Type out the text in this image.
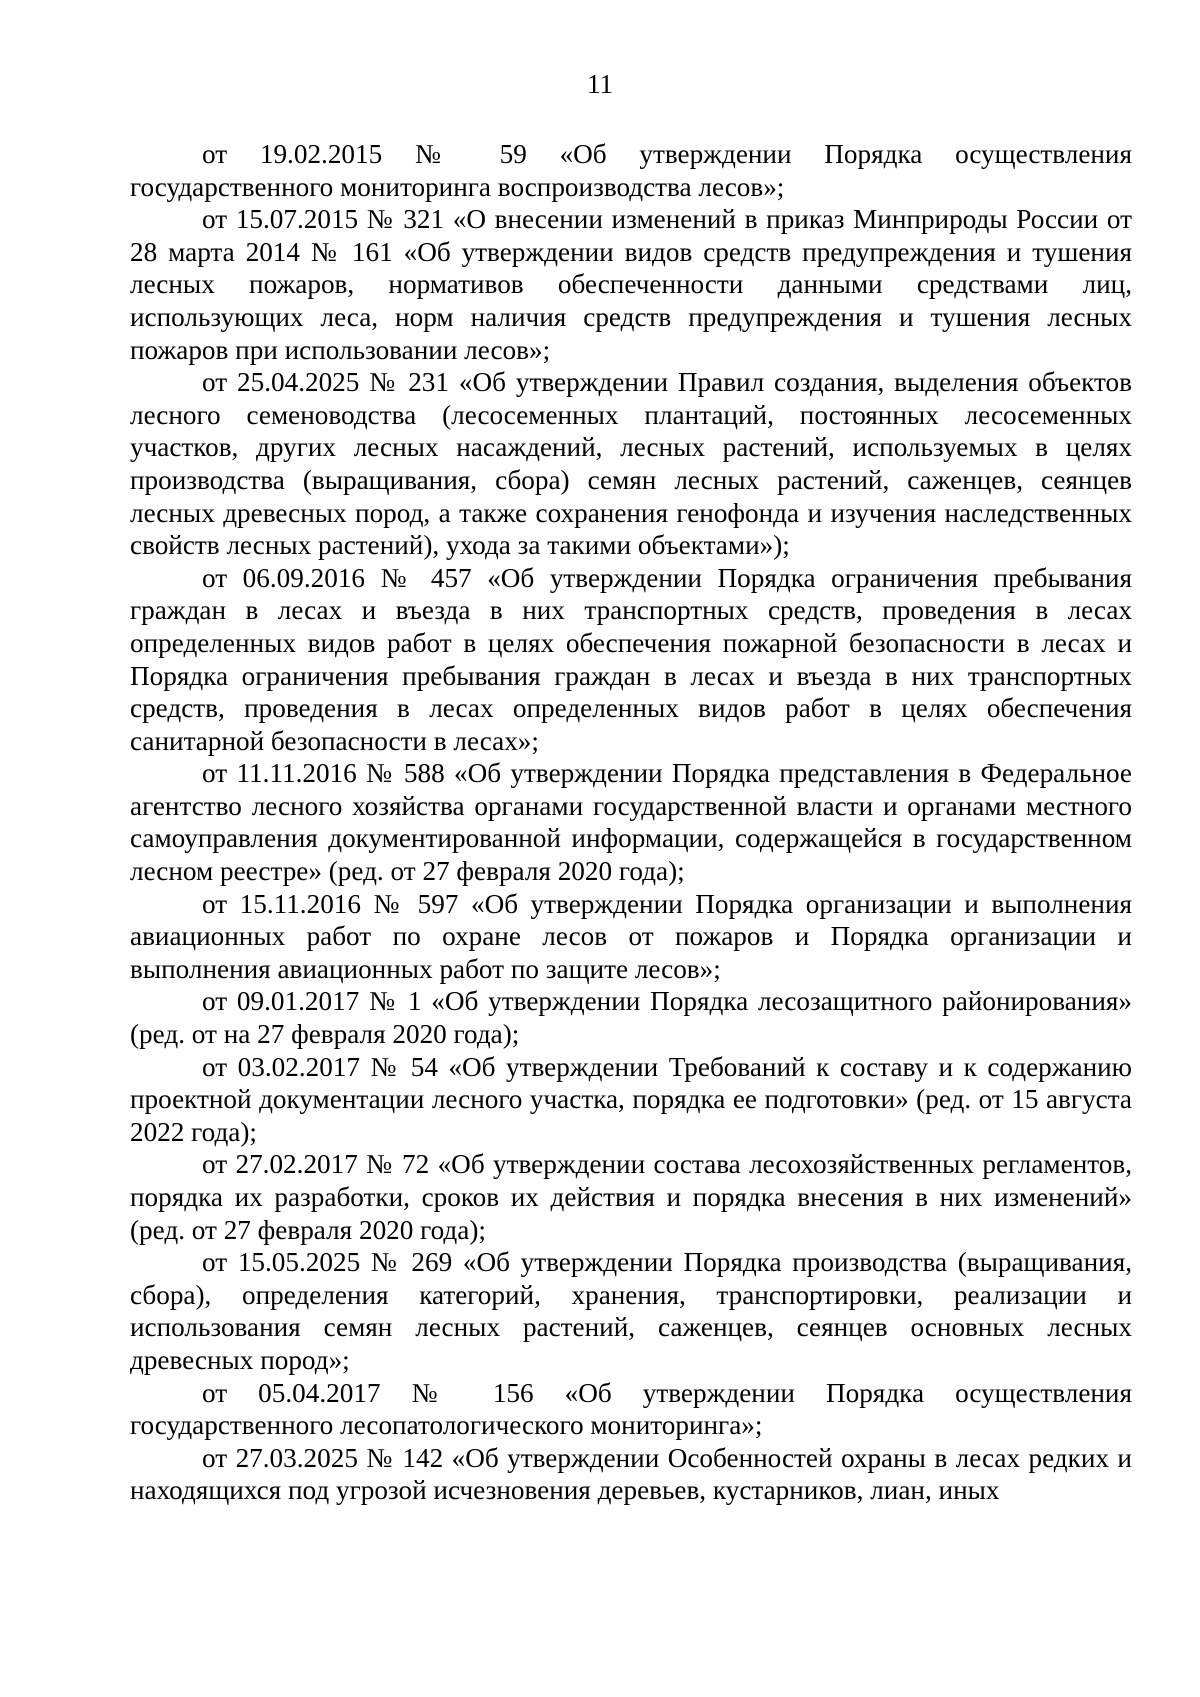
11

от 19.02.2015 № 59 «Об утверждении Порядка осуществления государственного мониторинга воспроизводства лесов»;

от 15.07.2015 № 321 «О внесении изменений в приказ Минприроды России от 28 марта 2014 № 161 «Об утверждении видов средств предупреждения и тушения лесных пожаров, нормативов обеспеченности данными средствами лиц, использующих леса, норм наличия средств предупреждения и тушения лесных пожаров при использовании лесов»;

от 25.04.2025 № 231 «Об утверждении Правил создания, выделения объектов лесного семеноводства (лесосеменных плантаций, постоянных лесосеменных участков, других лесных насаждений, лесных растений, используемых в целях производства (выращивания, сбора) семян лесных растений, саженцев, сеянцев лесных древесных пород, а также сохранения генофонда и изучения наследственных свойств лесных растений), ухода за такими объектами»);

от 06.09.2016 № 457 «Об утверждении Порядка ограничения пребывания граждан в лесах и въезда в них транспортных средств, проведения в лесах определенных видов работ в целях обеспечения пожарной безопасности в лесах и Порядка ограничения пребывания граждан в лесах и въезда в них транспортных средств, проведения в лесах определенных видов работ в целях обеспечения санитарной безопасности в лесах»;

от 11.11.2016 № 588 «Об утверждении Порядка представления в Федеральное агентство лесного хозяйства органами государственной власти и органами местного самоуправления документированной информации, содержащейся в государственном лесном реестре» (ред. от 27 февраля 2020 года);

от 15.11.2016 № 597 «Об утверждении Порядка организации и выполнения авиационных работ по охране лесов от пожаров и Порядка организации и выполнения авиационных работ по защите лесов»;

от 09.01.2017 № 1 «Об утверждении Порядка лесозащитного районирования» (ред. от на 27 февраля 2020 года);

от 03.02.2017 № 54 «Об утверждении Требований к составу и к содержанию проектной документации лесного участка, порядка ее подготовки» (ред. от 15 августа 2022 года);

от 27.02.2017 № 72 «Об утверждении состава лесохозяйственных регламентов, порядка их разработки, сроков их действия и порядка внесения в них изменений» (ред. от 27 февраля 2020 года);

от 15.05.2025 № 269 «Об утверждении Порядка производства (выращивания, сбора), определения категорий, хранения, транспортировки, реализации и использования семян лесных растений, саженцев, сеянцев основных лесных древесных пород»;

от 05.04.2017 № 156 «Об утверждении Порядка осуществления государственного лесопатологического мониторинга»;

от 27.03.2025 № 142 «Об утверждении Особенностей охраны в лесах редких и находящихся под угрозой исчезновения деревьев, кустарников, лиан, иных
